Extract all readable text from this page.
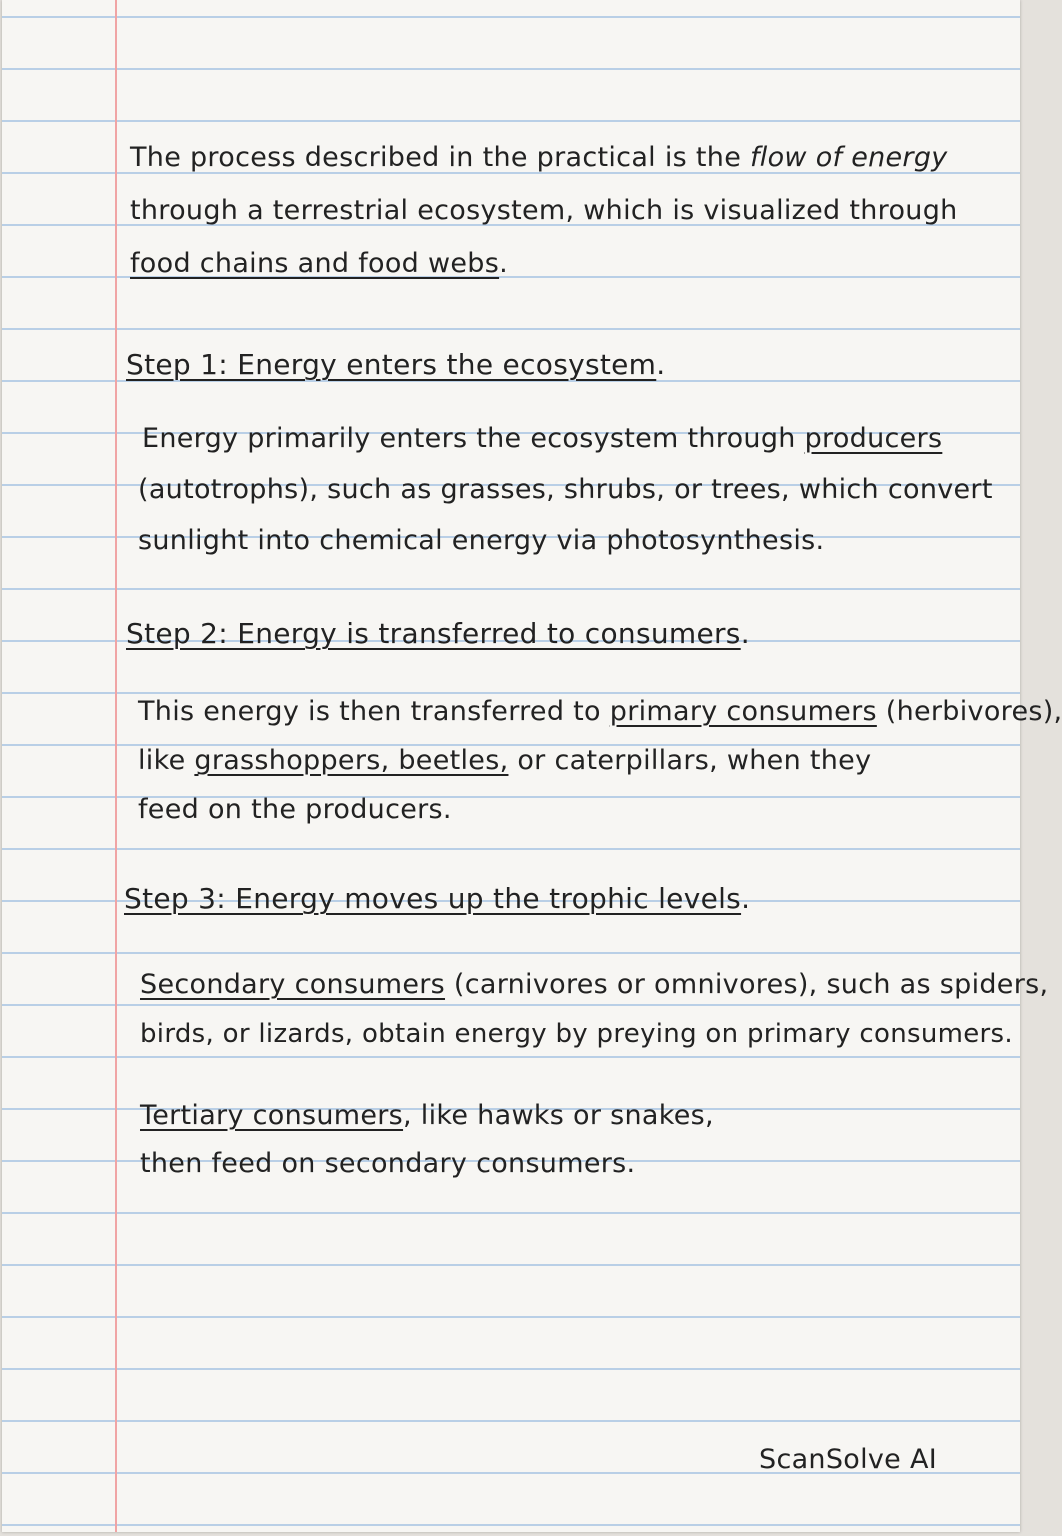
The process described in the practical is the flow of energy
through a terrestrial ecosystem, which is visualized through
food chains and food webs.
Step 1: Energy enters the ecosystem.
Energy primarily enters the ecosystem through producers
(autotrophs), such as grasses, shrubs, or trees, which convert
sunlight into chemical energy via photosynthesis.
Step 2: Energy is transferred to consumers.
This energy is then transferred to primary consumers (herbivores),
like grasshoppers, beetles, or caterpillars, when they
feed on the producers.
Step 3: Energy moves up the trophic levels.
Secondary consumers (carnivores or omnivores), such as spiders,
birds, or lizards, obtain energy by preying on primary consumers.
Tertiary consumers, like hawks or snakes,
then feed on secondary consumers.
ScanSolve AI
